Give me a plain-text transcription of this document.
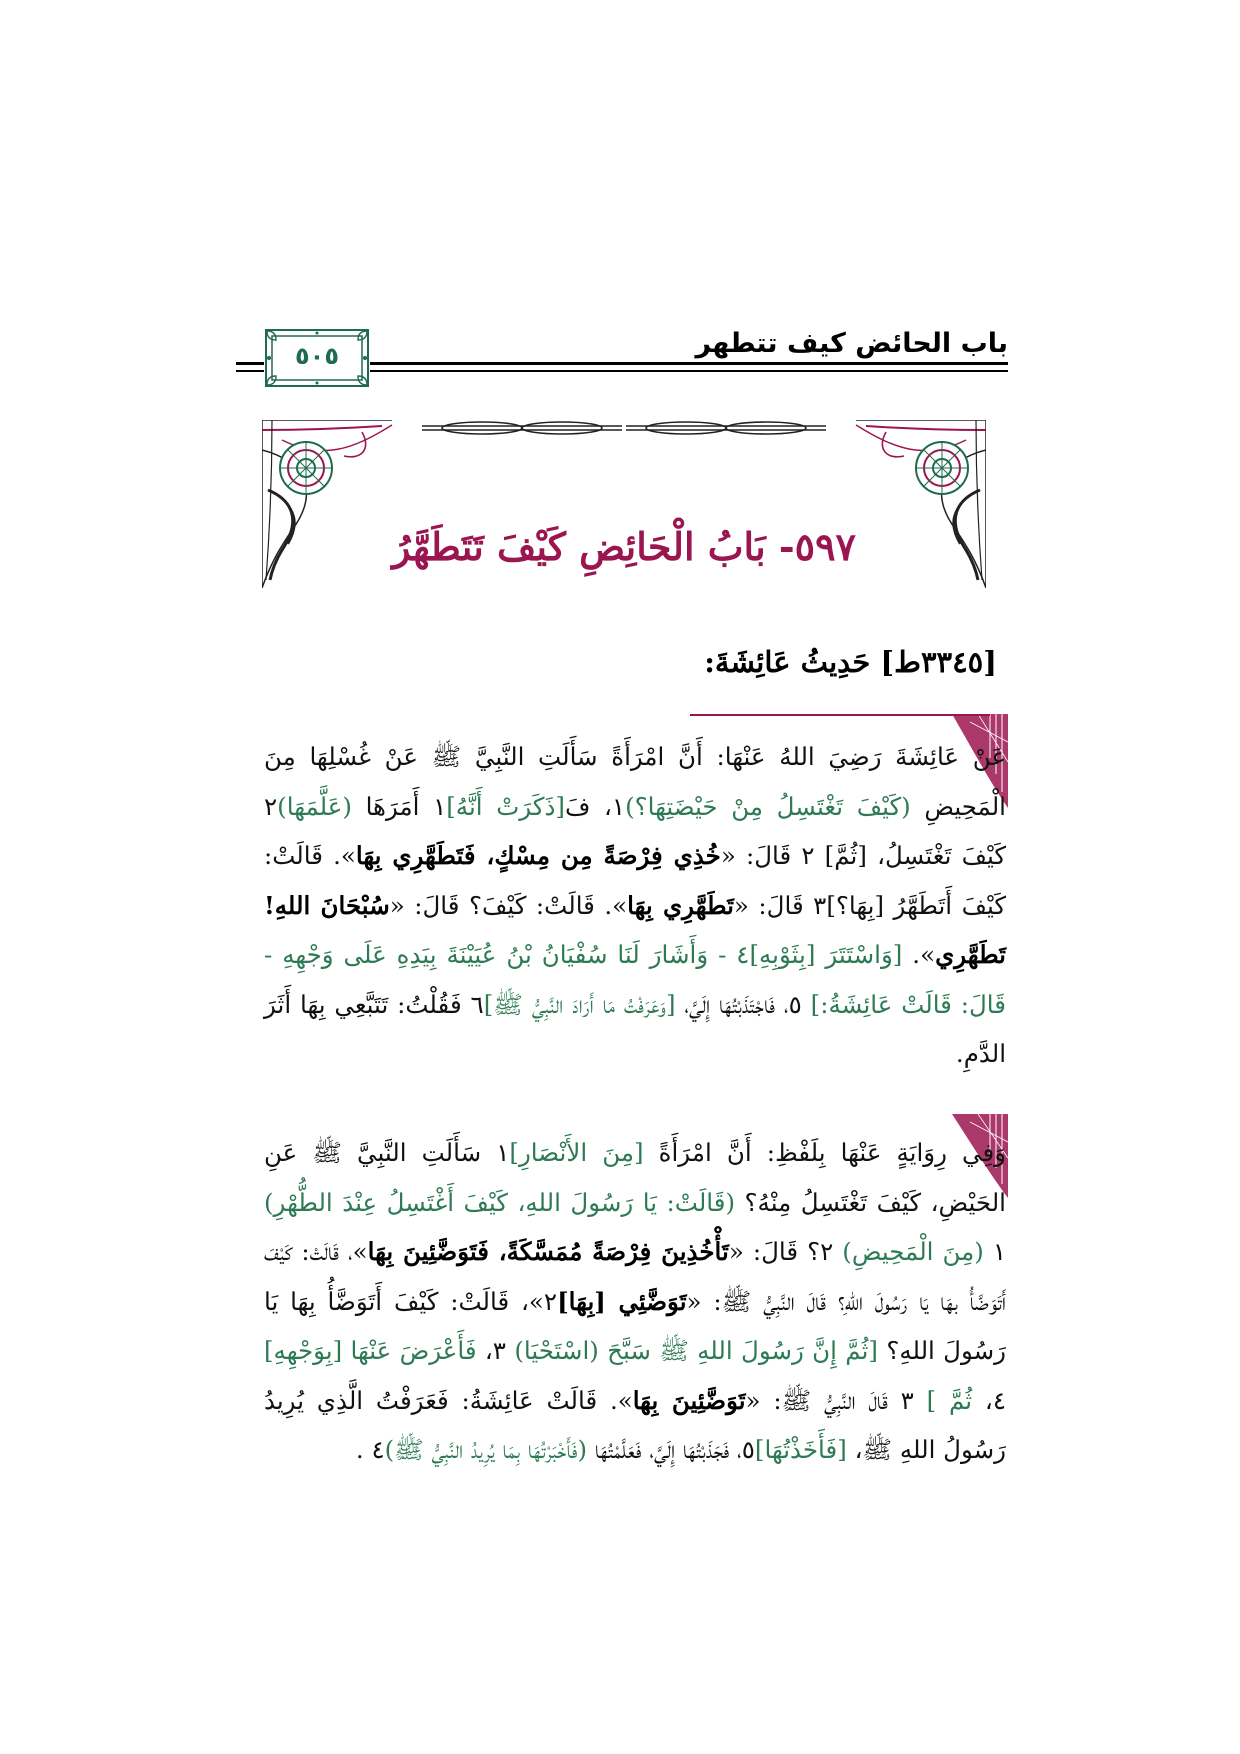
باب الحائض كيف تتطهر
٥٠٥
٥٩٧- بَابُ الْحَائِضِ كَيْفَ تَتَطَهَّرُ
[٣٣٤٥ط] حَدِيثُ عَائِشَةَ:
عَنْ عَائِشَةَ رَضِيَ اللهُ عَنْهَا: أَنَّ امْرَأَةً سَأَلَتِ النَّبِيَّ ﷺ عَنْ غُسْلِهَا مِنَ الْمَحِيضِ (كَيْفَ تَغْتَسِلُ مِنْ حَيْضَتِهَا؟)١، فَ[ذَكَرَتْ أَنَّهُ]١ أَمَرَهَا (عَلَّمَهَا)٢ كَيْفَ تَغْتَسِلُ، [ثُمَّ] ٢ قَالَ: «خُذِي فِرْصَةً مِن مِسْكٍ، فَتَطَهَّرِي بِهَا». قَالَتْ: كَيْفَ أَتَطَهَّرُ [بِهَا؟]٣ قَالَ: «تَطَهَّرِي بِهَا». قَالَتْ: كَيْفَ؟ قَالَ: «سُبْحَانَ اللهِ! تَطَهَّرِي». [وَاسْتَتَرَ [بِثَوْبِهِ]٤ - وَأَشَارَ لَنَا سُفْيَانُ بْنُ عُيَيْنَةَ بِيَدِهِ عَلَى وَجْهِهِ - قَالَ: قَالَتْ عَائِشَةُ:] ٥، فَاجْتَذَبْتُهَا إِلَيَّ، [وَعَرَفْتُ مَا أَرَادَ النَّبِيُّ ﷺ]٦ فَقُلْتُ: تَتَبَّعِي بِهَا أَثَرَ الدَّمِ.
وَفِي رِوَايَةٍ عَنْهَا بِلَفْظِ: أَنَّ امْرَأَةً [مِنَ الأَنْصَارِ]١ سَأَلَتِ النَّبِيَّ ﷺ عَنِ الحَيْضِ، كَيْفَ تَغْتَسِلُ مِنْهُ؟ (قَالَتْ: يَا رَسُولَ اللهِ، كَيْفَ أَغْتَسِلُ عِنْدَ الطُّهْرِ) ١ (مِنَ الْمَحِيضِ) ٢؟ قَالَ: «تَأْخُذِينَ فِرْصَةً مُمَسَّكَةً، فَتَوَضَّئِينَ بِهَا»، قَالَتْ: كَيْفَ أَتَوَضَّأُ بهَا يَا رَسُولَ اللهِ؟ قَالَ النَّبِيُّ ﷺ: «تَوَضَّئِي [بِهَا]٢»، قَالَتْ: كَيْفَ أَتَوَضَّأُ بِهَا يَا رَسُولَ اللهِ؟ [ثُمَّ إِنَّ رَسُولَ اللهِ ﷺ سَبَّحَ (اسْتَحْيَا) ٣، فَأَعْرَضَ عَنْهَا [بِوَجْهِهِ] ٤، ثُمَّ ] ٣ قَالَ النَّبِيُّ ﷺ: «تَوَضَّئِينَ بِهَا». قَالَتْ عَائِشَةُ: فَعَرَفْتُ الَّذِي يُرِيدُ رَسُولُ اللهِ ﷺ، [فَأَخَذْتُهَا]٥، فَجَذَبْتُهَا إِلَيَّ، فَعَلَّمْتُهَا (فَأَخْبَرْتُهَا بِمَا يُرِيدُ النَّبِيُّ ﷺ)٤ .
